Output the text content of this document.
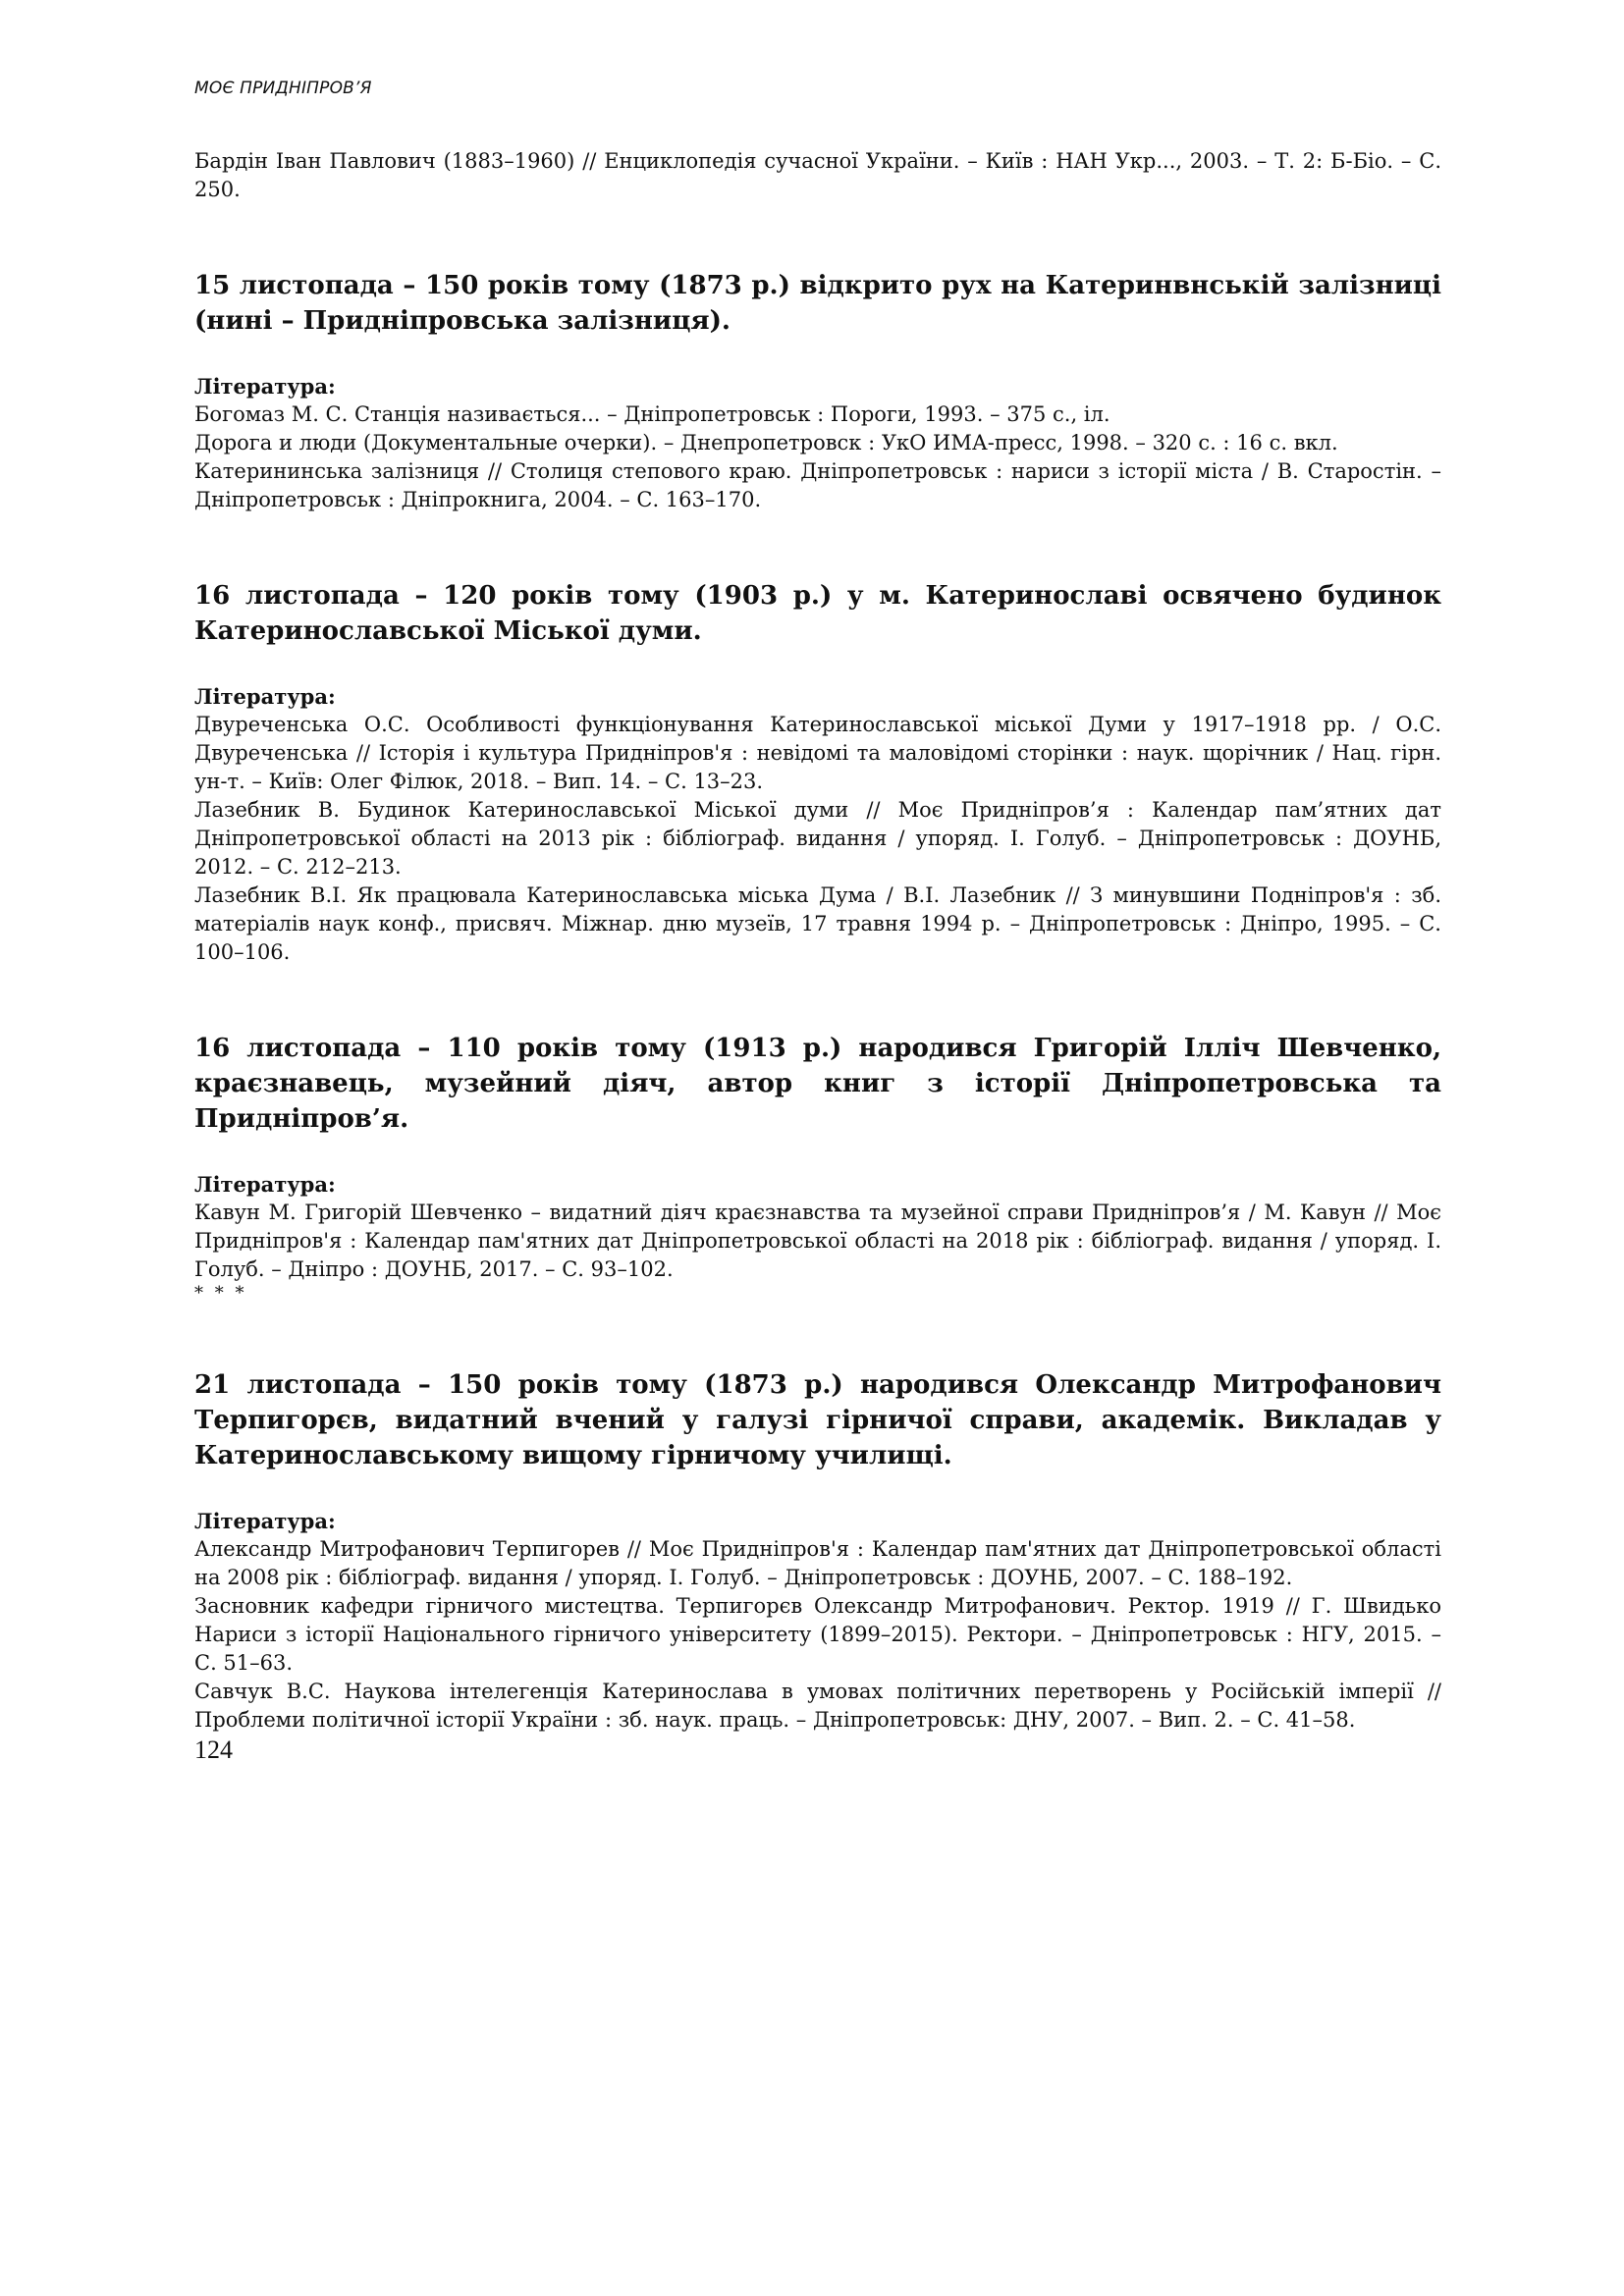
МОЄ ПРИДНІПРОВ’Я

Бардін Іван Павлович (1883–1960) // Енциклопедія сучасної України. – Київ : НАН Укр..., 2003. – Т. 2: Б-Біо. – С. 250.

15 листопада – 150 років тому (1873 р.) відкрито рух на Катеринвнській залізниці (нині – Придніпровська залізниця).

Література:

Богомаз М. С. Станція називається... – Дніпропетровськ : Пороги, 1993. – 375 с., іл.

Дорога и люди (Документальные очерки). – Днепропетровск : УкО ИМА-пресс, 1998. – 320 с. : 16 с. вкл.

Катерининська залізниця // Столиця степового краю. Дніпропетровськ : нариси з історії міста / В. Старостін. – Дніпропетровськ : Дніпрокнига, 2004. – С. 163–170.

16 листопада – 120 років тому (1903 р.) у м. Катеринославі освячено будинок Катеринославської Міської думи.

Література:

Двуреченська О.С. Особливості функціонування Катеринославської міської Думи у 1917–1918 рр. / О.С. Двуреченська // Історія і культура Придніпров'я : невідомі та маловідомі сторінки : наук. щорічник / Нац. гірн. ун-т. – Київ: Олег Філюк, 2018. – Вип. 14. – С. 13–23.

Лазебник В. Будинок Катеринославської Міської думи // Моє Придніпров’я : Календар пам’ятних дат Дніпропетровської області на 2013 рік : бібліограф. видання / упоряд. І. Голуб. – Дніпропетровськ : ДОУНБ, 2012. – С. 212–213.

Лазебник В.І. Як працювала Катеринославська міська Дума / В.І. Лазебник // З минувшини Подніпров'я : зб. матеріалів наук конф., присвяч. Міжнар. дню музеїв, 17 травня 1994 р. – Дніпропетровськ : Дніпро, 1995. – С. 100–106.

16 листопада – 110 років тому (1913 р.) народився Григорій Ілліч Шевченко, краєзнавець, музейний діяч, автор книг з історії Дніпропетровська та Придніпров’я.

Література:

Кавун М. Григорій Шевченко – видатний діяч краєзнавства та музейної справи Придніпров’я / М. Кавун // Моє Придніпров'я : Календар пам'ятних дат Дніпропетровської області на 2018 рік : бібліограф. видання / упоряд. І. Голуб. – Дніпро : ДОУНБ, 2017. – С. 93–102.

* * *

21 листопада – 150 років тому (1873 р.) народився Олександр Митрофанович Терпигорєв, видатний вчений у галузі гірничої справи, академік. Викладав у Катеринославському вищому гірничому училищі.

Література:

Александр Митрофанович Терпигорев // Моє Придніпров'я : Календар пам'ятних дат Дніпропетровської області на 2008 рік : бібліограф. видання / упоряд. І. Голуб. – Дніпропетровськ : ДОУНБ, 2007. – С. 188–192.

Засновник кафедри гірничого мистецтва. Терпигорєв Олександр Митрофанович. Ректор. 1919 // Г. Швидько Нариси з історії Національного гірничого університету (1899–2015). Ректори. – Дніпропетровськ : НГУ, 2015. – С. 51–63.

Савчук В.С. Наукова інтелегенція Катеринослава в умовах політичних перетворень у Російській імперії // Проблеми політичної історії України : зб. наук. праць. – Дніпропетровськ: ДНУ, 2007. – Вип. 2. – С. 41–58.

124
